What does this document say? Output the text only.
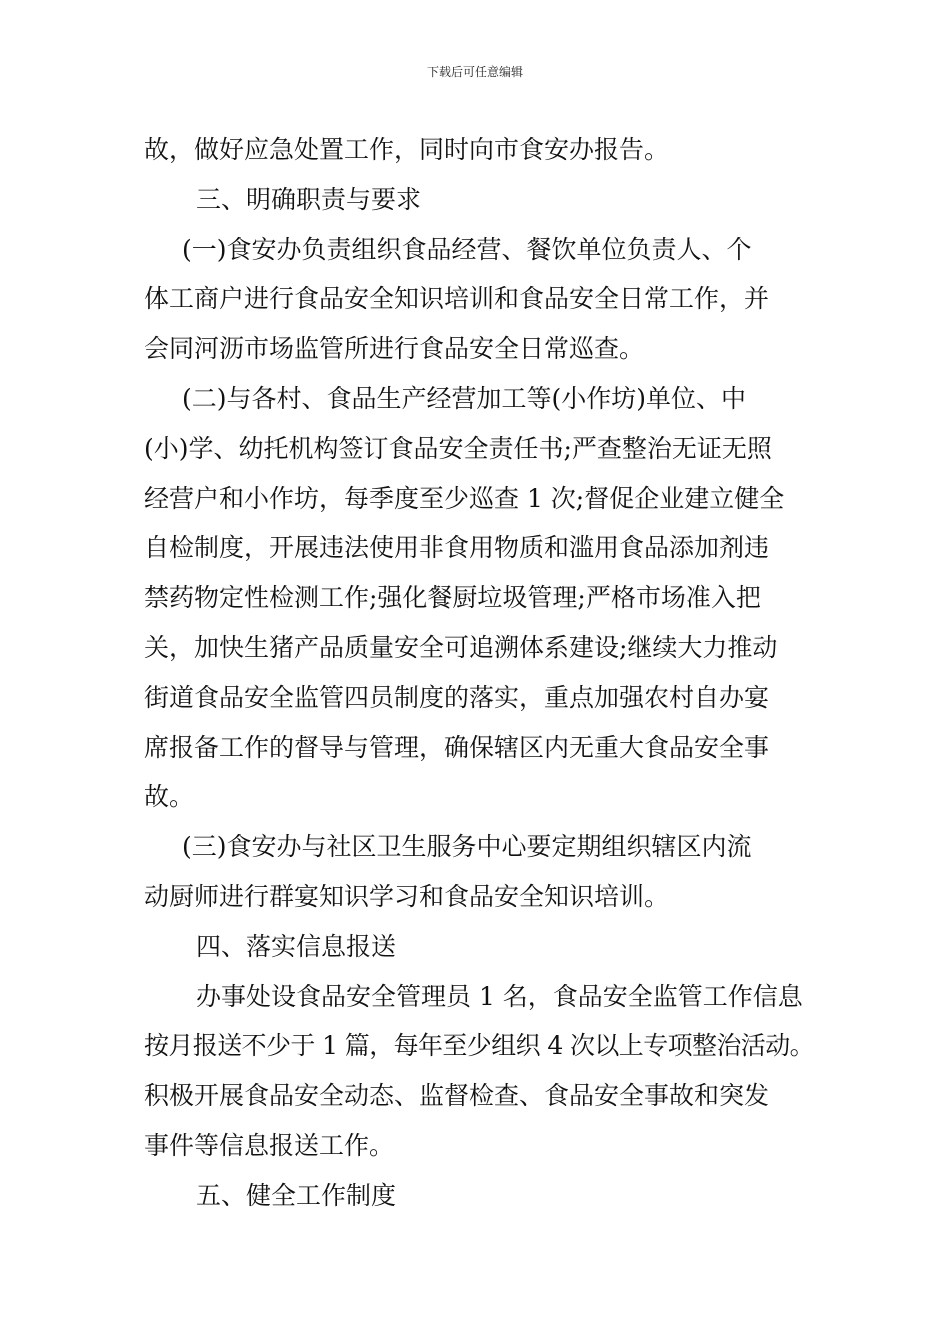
下载后可任意编辑
故，做好应急处置工作，同时向市食安办报告。
三、明确职责与要求
(一)食安办负责组织食品经营、餐饮单位负责人、个
体工商户进行食品安全知识培训和食品安全日常工作，并
会同河沥市场监管所进行食品安全日常巡查。
(二)与各村、食品生产经营加工等(小作坊)单位、中
(小)学、幼托机构签订食品安全责任书;严查整治无证无照
经营户和小作坊，每季度至少巡查 1 次;督促企业建立健全
自检制度，开展违法使用非食用物质和滥用食品添加剂违
禁药物定性检测工作;强化餐厨垃圾管理;严格市场准入把
关，加快生猪产品质量安全可追溯体系建设;继续大力推动
街道食品安全监管四员制度的落实，重点加强农村自办宴
席报备工作的督导与管理，确保辖区内无重大食品安全事
故。
(三)食安办与社区卫生服务中心要定期组织辖区内流
动厨师进行群宴知识学习和食品安全知识培训。
四、落实信息报送
办事处设食品安全管理员 1 名，食品安全监管工作信息
按月报送不少于 1 篇，每年至少组织 4 次以上专项整治活动。
积极开展食品安全动态、监督检查、食品安全事故和突发
事件等信息报送工作。
五、健全工作制度
